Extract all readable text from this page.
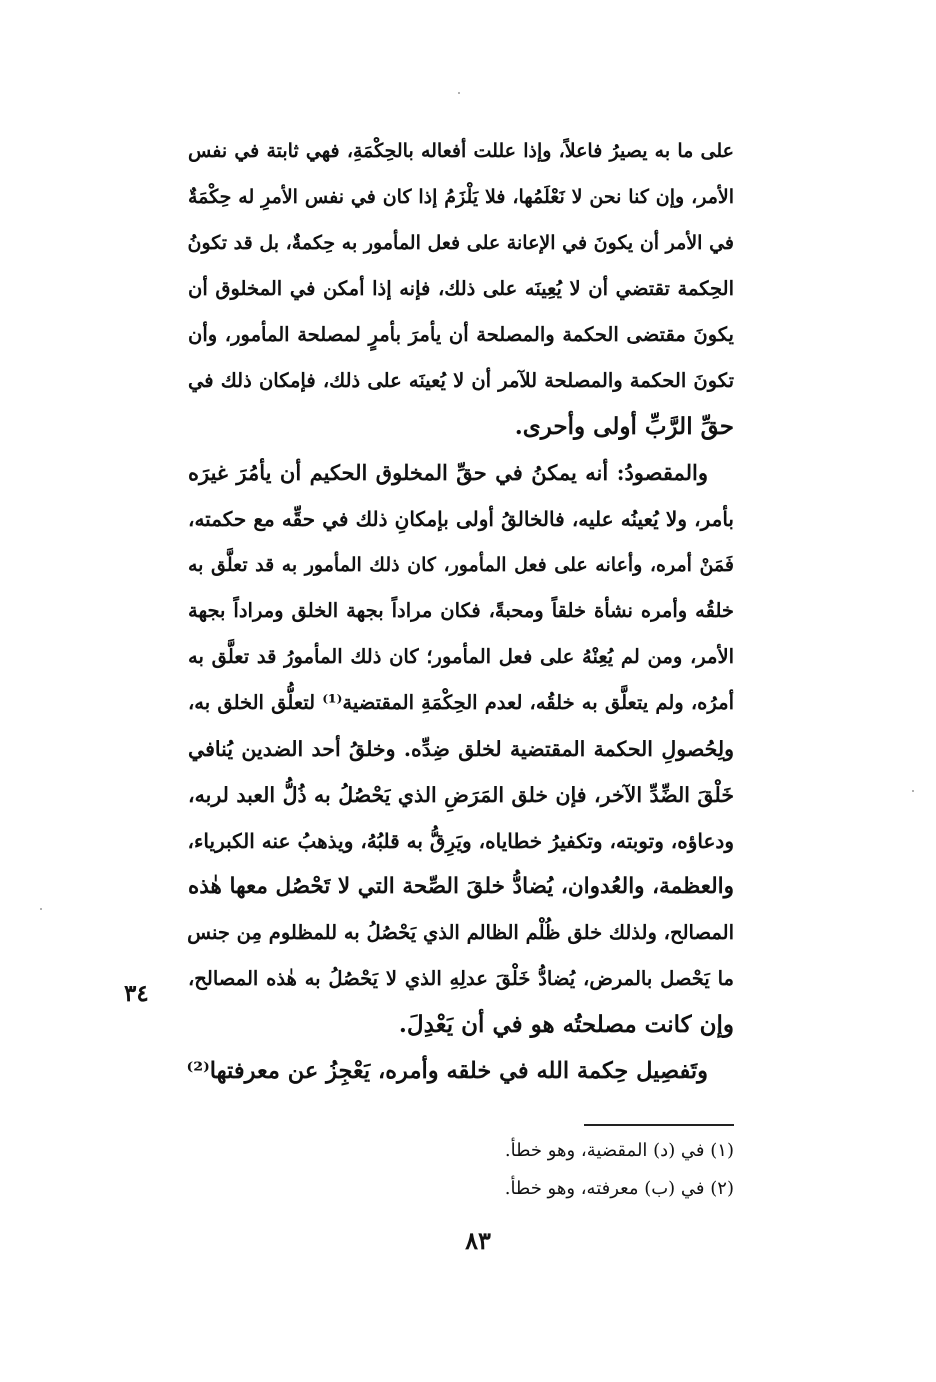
على ما به يصيرُ فاعلاً، وإذا عللت أفعاله بالحِكْمَةِ، فهي ثابتة في نفس
الأمر، وإن كنا نحن لا نَعْلَمُها، فلا يَلْزَمُ إذا كان في نفس الأمرِ له حِكْمَةٌ
في الأمر أن يكونَ في الإعانة على فعل المأمور به حِكمةٌ، بل قد تكونُ
الحِكمة تقتضي أن لا يُعِينَه على ذلك، فإنه إذا أمكن في المخلوق أن
يكونَ مقتضى الحكمة والمصلحة أن يأمرَ بأمرٍ لمصلحة المأمور، وأن
تكونَ الحكمة والمصلحة للآمر أن لا يُعينَه على ذلك، فإمكان ذلك في
حقِّ الرَّبِّ أولى وأحرى.
والمقصودُ: أنه يمكنُ في حقِّ المخلوق الحكيم أن يأمُرَ غيرَه
بأمر، ولا يُعينُه عليه، فالخالقُ أولى بإمكانِ ذلك في حقِّه مع حكمته،
فَمَنْ أمره، وأعانه على فعل المأمور، كان ذلك المأمور به قد تعلَّق به
خلقُه وأمره نشأة خلقاً ومحبةً، فكان مراداً بجهة الخلق ومراداً بجهة
الأمر، ومن لم يُعِنْهُ على فعل المأمور؛ كان ذلك المأمورُ قد تعلَّق به
أمرُه، ولم يتعلَّق به خلقُه، لعدم الحِكْمَةِ المقتضية⁽¹⁾ لتعلُّق الخلق به،
ولِحُصولِ الحكمة المقتضية لخلق ضِدِّه. وخلقُ أحد الضدين يُنافي
خَلْقَ الضِّدِّ الآخر، فإن خلق المَرَضِ الذي يَحْصُلُ به ذُلُّ العبد لربه،
ودعاؤه، وتوبته، وتكفيرُ خطاياه، ويَرِقُّ به قلبُهُ، ويذهبُ عنه الكبرياء،
والعظمة، والعُدوان، يُضادُّ خلقَ الصِّحة التي لا تَحْصُل معها هٰذه
المصالح، ولذلك خلق ظُلْم الظالم الذي يَحْصُلُ به للمظلوم مِن جنس
ما يَحْصل بالمرض، يُضادُّ خَلْقَ عدلِهِ الذي لا يَحْصُلُ به هٰذه المصالح،
وإن كانت مصلحتُه هو في أن يَعْدِلَ.
وتَفصِيل حِكمة الله في خلقه وأمره، يَعْجِزُ عن معرفتها⁽²⁾
٣٤
(١) في (د) المقضية، وهو خطأ.
(٢) في (ب) معرفته، وهو خطأ.
٨٣
